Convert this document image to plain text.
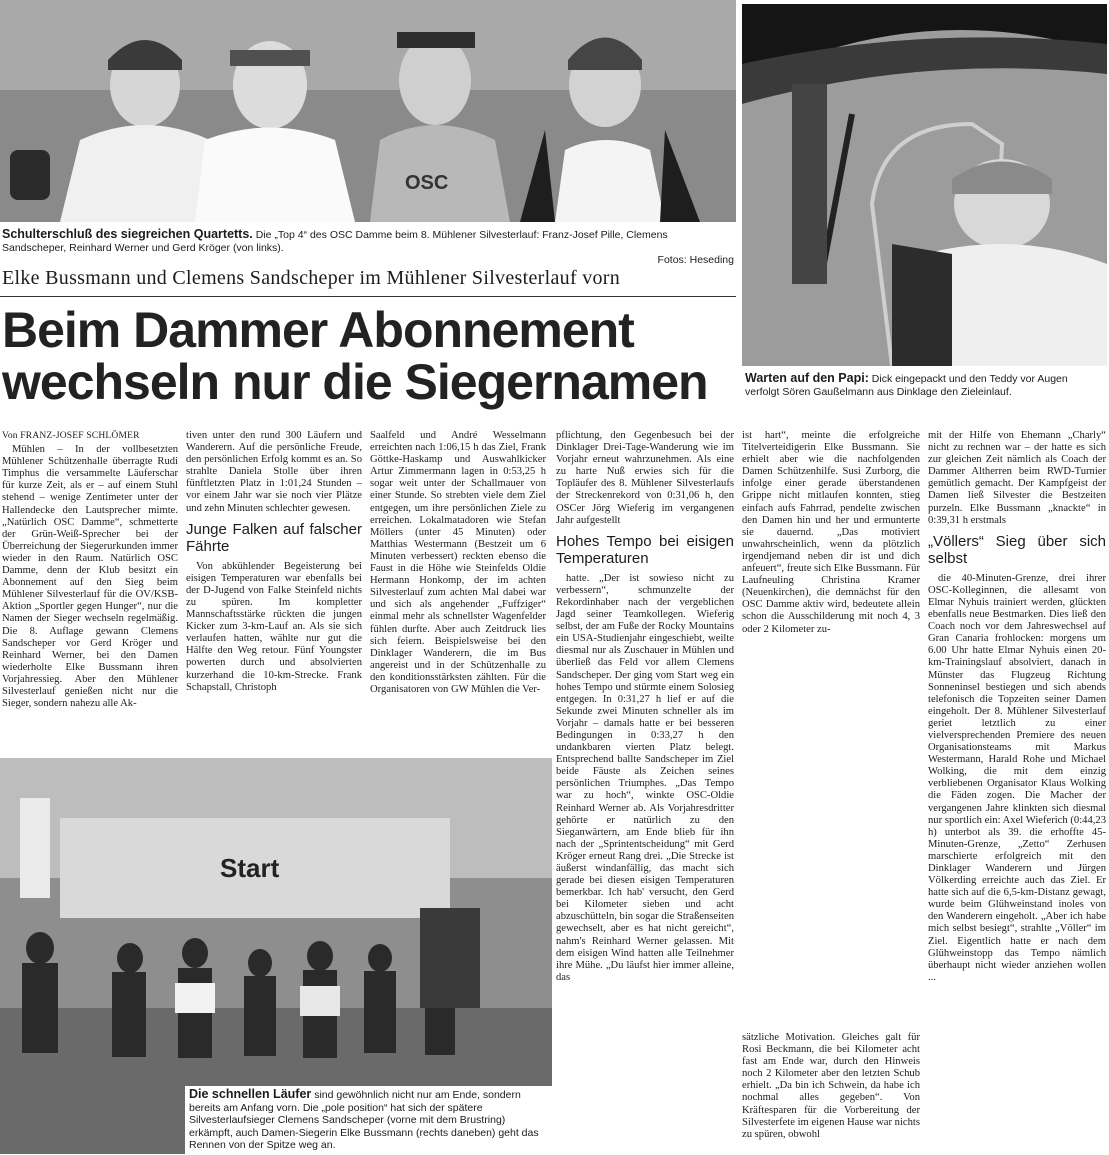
OSC
Schulterschluß des siegreichen Quartetts. Die „Top 4“ des OSC Damme beim 8. Mühlener Silvesterlauf: Franz-Josef Pille, Clemens Sandscheper, Reinhard Werner und Gerd Kröger (von links).
Fotos: Heseding
Warten auf den Papi: Dick eingepackt und den Teddy vor Augen verfolgt Sören Gaußelmann aus Dinklage den Zieleinlauf.
Elke Bussmann und Clemens Sandscheper im Mühlener Silvesterlauf vorn
Beim Dammer Abonnement
wechseln nur die Siegernamen
Von FRANZ-JOSEF SCHLÖMER

Mühlen – In der vollbesetzten Mühlener Schützenhalle überragte Rudi Timphus die versammelte Läuferschar für kurze Zeit, als er – auf einem Stuhl stehend – wenige Zentimeter unter der Hallendecke den Lautsprecher mimte. „Natürlich OSC Damme“, schmetterte der Grün-Weiß-Sprecher bei der Überreichung der Siegerurkunden immer wieder in den Raum. Natürlich OSC Damme, denn der Klub besitzt ein Abonnement auf den Sieg beim Mühlener Silvesterlauf für die OV/KSB-Aktion „Sportler gegen Hunger“, nur die Namen der Sieger wechseln regelmäßig. Die 8. Auflage gewann Clemens Sandscheper vor Gerd Kröger und Reinhard Werner, bei den Damen wiederholte Elke Bussmann ihren Vorjahressieg. Aber den Mühlener Silvesterlauf genießen nicht nur die Sieger, sondern nahezu alle Ak-

tiven unter den rund 300 Läufern und Wanderern. Auf die persönliche Freude, den persönlichen Erfolg kommt es an. So strahlte Daniela Stolle über ihren fünftletzten Platz in 1:01,24 Stunden – vor einem Jahr war sie noch vier Plätze und zehn Minuten schlechter gewesen.

Junge Falken auf falscher Fährte

Von abkühlender Begeisterung bei eisigen Temperaturen war ebenfalls bei der D-Jugend von Falke Steinfeld nichts zu spüren. Im kompletter Mannschaftsstärke rückten die jungen Kicker zum 3-km-Lauf an. Als sie sich verlaufen hatten, wählte nur gut die Hälfte den Weg retour. Fünf Youngster powerten durch und absolvierten kurzerhand die 10-km-Strecke. Frank Schapstall, Christoph

Saalfeld und André Wesselmann erreichten nach 1:06,15 h das Ziel, Frank Göttke-Haskamp und Auswahlkicker Artur Zimmermann lagen in 0:53,25 h sogar weit unter der Schallmauer von einer Stunde. So strebten viele dem Ziel entgegen, um ihre persönlichen Ziele zu erreichen. Lokalmatadoren wie Stefan Möllers (unter 45 Minuten) oder Matthias Westermann (Bestzeit um 6 Minuten verbessert) reckten ebenso die Faust in die Höhe wie Steinfelds Oldie Hermann Honkomp, der im achten Silvesterlauf zum achten Mal dabei war und sich als angehender „Fuffziger“ einmal mehr als schnellster Wagenfelder fühlen durfte. Aber auch Zeitdruck lies sich feiern. Beispielsweise bei den Dinklager Wanderern, die im Bus angereist und in der Schützenhalle zu den konditionsstärksten zählten. Für die Organisatoren von GW Mühlen die Ver-

pflichtung, den Gegenbesuch bei der Dinklager Drei-Tage-Wanderung wie im Vorjahr erneut wahrzunehmen. Als eine zu harte Nuß erwies sich für die Topläufer des 8. Mühlener Silvesterlaufs der Streckenrekord von 0:31,06 h, den OSCer Jörg Wieferig im vergangenen Jahr aufgestellt

Hohes Tempo bei eisigen Temperaturen

hatte. „Der ist sowieso nicht zu verbessern“, schmunzelte der Rekordinhaber nach der vergeblichen Jagd seiner Teamkollegen. Wieferig selbst, der am Fuße der Rocky Mountains ein USA-Studienjahr eingeschiebt, weilte diesmal nur als Zuschauer in Mühlen und überließ das Feld vor allem Clemens Sandscheper. Der ging vom Start weg ein hohes Tempo und stürmte einem Solosieg entgegen. In 0:31,27 h lief er auf die Sekunde zwei Minuten schneller als im Vorjahr – damals hatte er bei besseren Bedingungen in 0:33,27 h den undankbaren vierten Platz belegt. Entsprechend ballte Sandscheper im Ziel beide Fäuste als Zeichen seines persönlichen Triumphes. „Das Tempo war zu hoch“, winkte OSC-Oldie Reinhard Werner ab. Als Vorjahresdritter gehörte er natürlich zu den Sieganwärtern, am Ende blieb für ihn nach der „Sprintentscheidung“ mit Gerd Kröger erneut Rang drei. „Die Strecke ist äußerst windanfällig, das macht sich gerade bei diesen eisigen Temperaturen bemerkbar. Ich hab' versucht, den Gerd bei Kilometer sieben und acht abzuschütteln, bin sogar die Straßenseiten gewechselt, aber es hat nicht gereicht“, nahm's Reinhard Werner gelassen. Mit dem eisigen Wind hatten alle Teilnehmer ihre Mühe. „Du läufst hier immer alleine, das

ist hart“, meinte die erfolgreiche Titelverteidigerin Elke Bussmann. Sie erhielt aber wie die nachfolgenden Damen Schützenhilfe. Susi Zurborg, die infolge einer gerade überstandenen Grippe nicht mitlaufen konnten, stieg einfach aufs Fahrrad, pendelte zwischen den Damen hin und her und ermunterte sie dauernd. „Das motiviert unwahrscheinlich, wenn da plötzlich irgendjemand neben dir ist und dich anfeuert“, freute sich Elke Bussmann. Für Laufneuling Christina Kramer (Neuenkirchen), die demnächst für den OSC Damme aktiv wird, bedeutete allein schon die Ausschilderung mit noch 4, 3 oder 2 Kilometer zu-

sätzliche Motivation. Gleiches galt für Rosi Beckmann, die bei Kilometer acht fast am Ende war, durch den Hinweis noch 2 Kilometer aber den letzten Schub erhielt. „Da bin ich Schwein, da habe ich nochmal alles gegeben“. Von Kräftesparen für die Vorbereitung der Silvesterfete im eigenen Hause war nichts zu spüren, obwohl

mit der Hilfe von Ehemann „Charly“ nicht zu rechnen war – der hatte es sich zur gleichen Zeit nämlich als Coach der Dammer Altherren beim RWD-Turnier gemütlich gemacht. Der Kampfgeist der Damen ließ Silvester die Bestzeiten purzeln. Elke Bussmann „knackte“ in 0:39,31 h erstmals

„Völlers“ Sieg über sich selbst

die 40-Minuten-Grenze, drei ihrer OSC-Kolleginnen, die allesamt von Elmar Nyhuis trainiert werden, glückten ebenfalls neue Bestmarken. Dies ließ den Coach noch vor dem Jahreswechsel auf Gran Canaria frohlocken: morgens um 6.00 Uhr hatte Elmar Nyhuis einen 20-km-Trainingslauf absolviert, danach in Münster das Flugzeug Richtung Sonneninsel bestiegen und sich abends telefonisch die Topzeiten seiner Damen eingeholt. Der 8. Mühlener Silvesterlauf geriet letztlich zu einer vielversprechenden Premiere des neuen Organisationsteams mit Markus Westermann, Harald Rohe und Michael Wolking, die mit dem einzig verbliebenen Organisator Klaus Wolking die Fäden zogen. Die Macher der vergangenen Jahre klinkten sich diesmal nur sportlich ein: Axel Wieferich (0:44,23 h) unterbot als 39. die erhoffte 45-Minuten-Grenze, „Zetto“ Zerhusen marschierte erfolgreich mit den Dinklager Wanderern und Jürgen Völkerding erreichte auch das Ziel. Er hatte sich auf die 6,5-km-Distanz gewagt, wurde beim Glühweinstand inoles von den Wanderern eingeholt. „Aber ich habe mich selbst besiegt“, strahlte „Völler“ im Ziel. Eigentlich hatte er nach dem Glühweinstopp das Tempo nämlich überhaupt nicht wieder anziehen wollen ...

Start
Die schnellen Läufer sind gewöhnlich nicht nur am Ende, sondern bereits am Anfang vorn. Die „pole position“ hat sich der spätere Silvesterlaufsieger Clemens Sandscheper (vorne mit dem Brustring) erkämpft, auch Damen-Siegerin Elke Bussmann (rechts daneben) geht das Rennen von der Spitze weg an.
